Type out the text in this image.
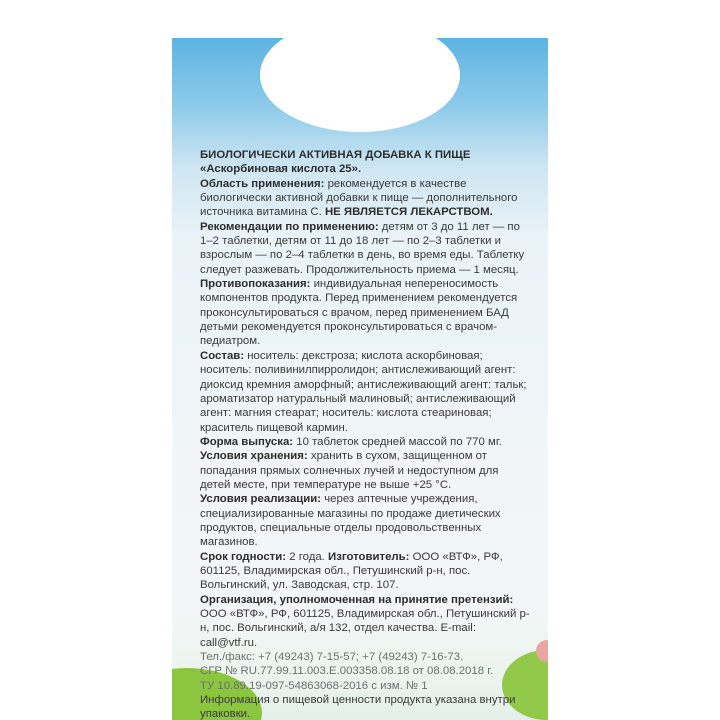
БИОЛОГИЧЕСКИ АКТИВНАЯ ДОБАВКА К ПИЩЕ

«Аскорбиновая кислота 25».

Область применения: рекомендуется в качестве биологически активной добавки к пище — дополнительного источника витамина С. НЕ ЯВЛЯЕТСЯ ЛЕКАРСТВОМ.

Рекомендации по применению: детям от 3 до 11 лет — по 1–2 таблетки, детям от 11 до 18 лет — по 2–3 таблетки и взрослым — по 2–4 таблетки в день, во время еды. Таблетку следует разжевать. Продолжительность приема — 1 месяц.

Противопоказания: индивидуальная непереносимость компонентов продукта. Перед применением рекомендуется проконсультироваться с врачом, перед применением БАД детьми рекомендуется проконсультироваться с врачом-педиатром.

Состав: носитель: декстроза; кислота аскорбиновая; носитель: поливинилпирролидон; антислеживающий агент: диоксид кремния аморфный; антислеживающий агент: тальк; ароматизатор натуральный малиновый; антислеживающий агент: магния стеарат; носитель: кислота стеариновая; краситель пищевой кармин.

Форма выпуска: 10 таблеток средней массой по 770 мг.

Условия хранения: хранить в сухом, защищенном от попадания прямых солнечных лучей и недоступном для детей месте, при температуре не выше +25 °С.

Условия реализации: через аптечные учреждения, специализированные магазины по продаже диетических продуктов, специальные отделы продовольственных магазинов.

Срок годности: 2 года. Изготовитель: ООО «ВТФ», РФ, 601125, Владимирская обл., Петушинский р-н, пос. Вольгинский, ул. Заводская, стр. 107.

Организация, уполномоченная на принятие претензий: ООО «ВТФ», РФ, 601125, Владимирская обл., Петушинский р-н, пос. Вольгинский, а/я 132, отдел качества. E-mail: call@vtf.ru.

Тел./факс: +7 (49243) 7-15-57; +7 (49243) 7-16-73.

СГР № RU.77.99.11.003.Е.003358.08.18 от 08.08.2018 г.

ТУ 10.89.19-097-54863068-2016 с изм. № 1

Информация о пищевой ценности продукта указана внутри упаковки.
